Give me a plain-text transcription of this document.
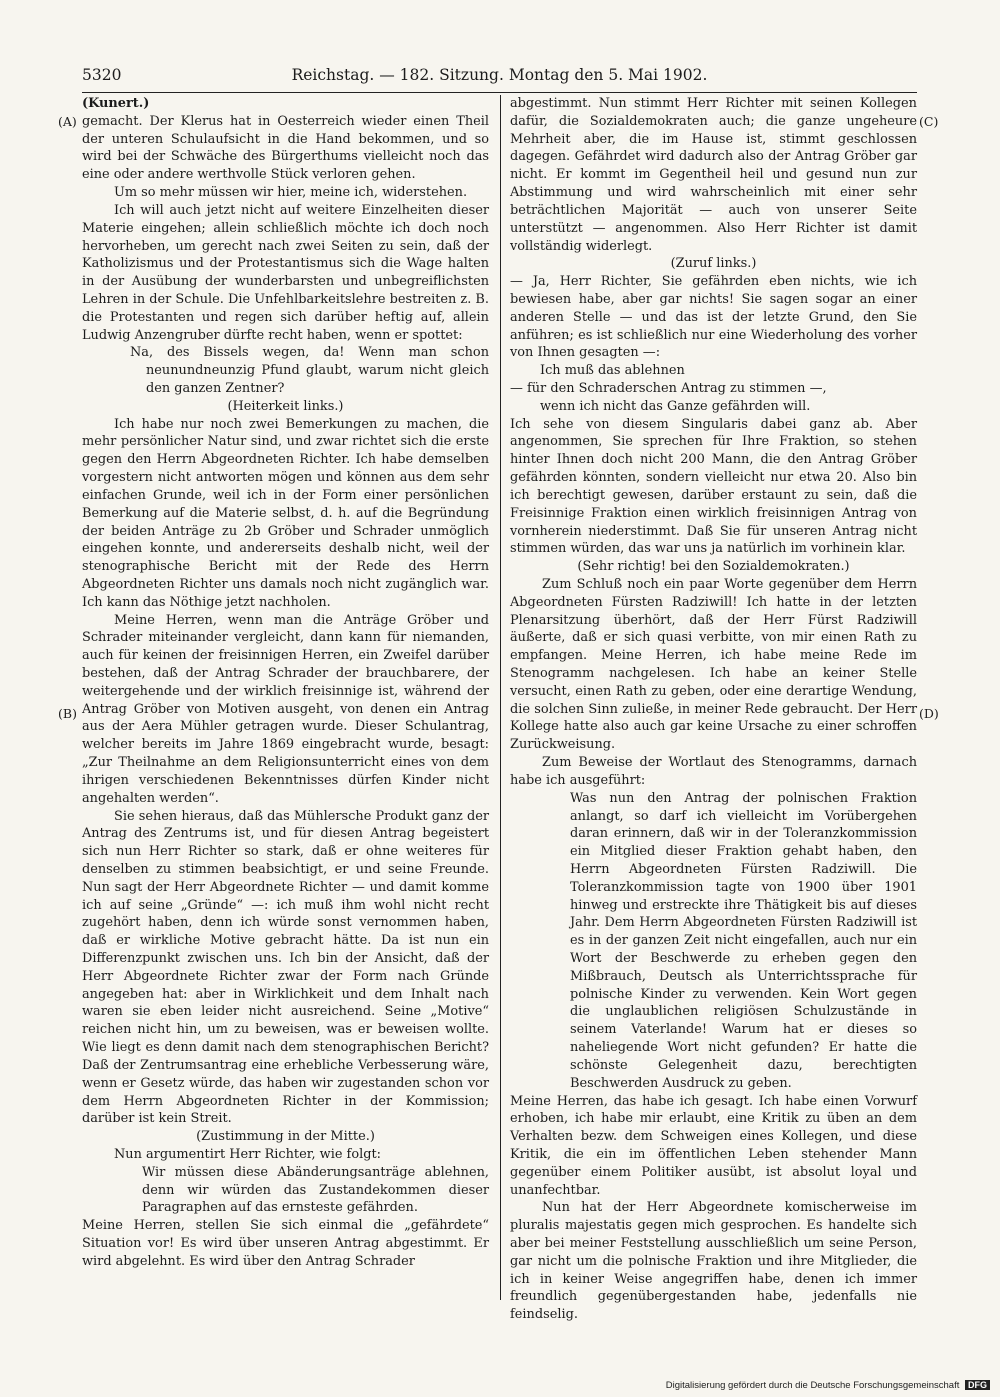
5320	Reichstag. — 182. Sitzung. Montag den 5. Mai 1902.
(A)
(B)
(C)
(D)

(Kunert.)

gemacht. Der Klerus hat in Oesterreich wieder einen Theil der unteren Schulaufsicht in die Hand bekommen, und so wird bei der Schwäche des Bürgerthums vielleicht noch das eine oder andere werthvolle Stück verloren gehen.

Um so mehr müssen wir hier, meine ich, widerstehen.

Ich will auch jetzt nicht auf weitere Einzelheiten dieser Materie eingehen; allein schließlich möchte ich doch noch hervorheben, um gerecht nach zwei Seiten zu sein, daß der Katholizismus und der Protestantismus sich die Wage halten in der Ausübung der wunderbarsten und unbegreiflichsten Lehren in der Schule. Die Unfehlbarkeitslehre bestreiten z. B. die Protestanten und regen sich darüber heftig auf, allein Ludwig Anzengruber dürfte recht haben, wenn er spottet:

Na, des Bissels wegen, da! Wenn man schon neunundneunzig Pfund glaubt, warum nicht gleich den ganzen Zentner?

(Heiterkeit links.)

Ich habe nur noch zwei Bemerkungen zu machen, die mehr persönlicher Natur sind, und zwar richtet sich die erste gegen den Herrn Abgeordneten Richter. Ich habe demselben vorgestern nicht antworten mögen und können aus dem sehr einfachen Grunde, weil ich in der Form einer persönlichen Bemerkung auf die Materie selbst, d. h. auf die Begründung der beiden Anträge zu 2b Gröber und Schrader unmöglich eingehen konnte, und andererseits deshalb nicht, weil der stenographische Bericht mit der Rede des Herrn Abgeordneten Richter uns damals noch nicht zugänglich war. Ich kann das Nöthige jetzt nachholen.

Meine Herren, wenn man die Anträge Gröber und Schrader miteinander vergleicht, dann kann für niemanden, auch für keinen der freisinnigen Herren, ein Zweifel darüber bestehen, daß der Antrag Schrader der brauchbarere, der weitergehende und der wirklich freisinnige ist, während der Antrag Gröber von Motiven ausgeht, von denen ein Antrag aus der Aera Mühler getragen wurde. Dieser Schulantrag, welcher bereits im Jahre 1869 eingebracht wurde, besagt: „Zur Theilnahme an dem Religionsunterricht eines von dem ihrigen verschiedenen Bekenntnisses dürfen Kinder nicht angehalten werden“.

Sie sehen hieraus, daß das Mühlersche Produkt ganz der Antrag des Zentrums ist, und für diesen Antrag begeistert sich nun Herr Richter so stark, daß er ohne weiteres für denselben zu stimmen beabsichtigt, er und seine Freunde. Nun sagt der Herr Abgeordnete Richter — und damit komme ich auf seine „Gründe“ —: ich muß ihm wohl nicht recht zugehört haben, denn ich würde sonst vernommen haben, daß er wirkliche Motive gebracht hätte. Da ist nun ein Differenzpunkt zwischen uns. Ich bin der Ansicht, daß der Herr Abgeordnete Richter zwar der Form nach Gründe angegeben hat: aber in Wirklichkeit und dem Inhalt nach waren sie eben leider nicht ausreichend. Seine „Motive“ reichen nicht hin, um zu beweisen, was er beweisen wollte. Wie liegt es denn damit nach dem stenographischen Bericht? Daß der Zentrumsantrag eine erhebliche Verbesserung wäre, wenn er Gesetz würde, das haben wir zugestanden schon vor dem Herrn Abgeordneten Richter in der Kommission; darüber ist kein Streit.

(Zustimmung in der Mitte.)

Nun argumentirt Herr Richter, wie folgt:

Wir müssen diese Abänderungsanträge ablehnen, denn wir würden das Zustandekommen dieser Paragraphen auf das ernsteste gefährden.

Meine Herren, stellen Sie sich einmal die „gefährdete“ Situation vor! Es wird über unseren Antrag abgestimmt. Er wird abgelehnt. Es wird über den Antrag Schrader

abgestimmt. Nun stimmt Herr Richter mit seinen Kollegen dafür, die Sozialdemokraten auch; die ganze ungeheure Mehrheit aber, die im Hause ist, stimmt geschlossen dagegen. Gefährdet wird dadurch also der Antrag Gröber gar nicht. Er kommt im Gegentheil heil und gesund nun zur Abstimmung und wird wahrscheinlich mit einer sehr beträchtlichen Majorität — auch von unserer Seite unterstützt — angenommen. Also Herr Richter ist damit vollständig widerlegt.

(Zuruf links.)

— Ja, Herr Richter, Sie gefährden eben nichts, wie ich bewiesen habe, aber gar nichts! Sie sagen sogar an einer anderen Stelle — und das ist der letzte Grund, den Sie anführen; es ist schließlich nur eine Wiederholung des vorher von Ihnen gesagten —:

Ich muß das ablehnen

— für den Schraderschen Antrag zu stimmen —,

wenn ich nicht das Ganze gefährden will.

Ich sehe von diesem Singularis dabei ganz ab. Aber angenommen, Sie sprechen für Ihre Fraktion, so stehen hinter Ihnen doch nicht 200 Mann, die den Antrag Gröber gefährden könnten, sondern vielleicht nur etwa 20. Also bin ich berechtigt gewesen, darüber erstaunt zu sein, daß die Freisinnige Fraktion einen wirklich freisinnigen Antrag von vornherein niederstimmt. Daß Sie für unseren Antrag nicht stimmen würden, das war uns ja natürlich im vorhinein klar.

(Sehr richtig! bei den Sozialdemokraten.)

Zum Schluß noch ein paar Worte gegenüber dem Herrn Abgeordneten Fürsten Radziwill! Ich hatte in der letzten Plenarsitzung überhört, daß der Herr Fürst Radziwill äußerte, daß er sich quasi verbitte, von mir einen Rath zu empfangen. Meine Herren, ich habe meine Rede im Stenogramm nachgelesen. Ich habe an keiner Stelle versucht, einen Rath zu geben, oder eine derartige Wendung, die solchen Sinn zuließe, in meiner Rede gebraucht. Der Herr Kollege hatte also auch gar keine Ursache zu einer schroffen Zurückweisung.

Zum Beweise der Wortlaut des Stenogramms, darnach habe ich ausgeführt:

Was nun den Antrag der polnischen Fraktion anlangt, so darf ich vielleicht im Vorübergehen daran erinnern, daß wir in der Toleranzkommission ein Mitglied dieser Fraktion gehabt haben, den Herrn Abgeordneten Fürsten Radziwill. Die Toleranzkommission tagte von 1900 über 1901 hinweg und erstreckte ihre Thätigkeit bis auf dieses Jahr. Dem Herrn Abgeordneten Fürsten Radziwill ist es in der ganzen Zeit nicht eingefallen, auch nur ein Wort der Beschwerde zu erheben gegen den Mißbrauch, Deutsch als Unterrichtssprache für polnische Kinder zu verwenden. Kein Wort gegen die unglaublichen religiösen Schulzustände in seinem Vaterlande! Warum hat er dieses so naheliegende Wort nicht gefunden? Er hatte die schönste Gelegenheit dazu, berechtigten Beschwerden Ausdruck zu geben.

Meine Herren, das habe ich gesagt. Ich habe einen Vorwurf erhoben, ich habe mir erlaubt, eine Kritik zu üben an dem Verhalten bezw. dem Schweigen eines Kollegen, und diese Kritik, die ein im öffentlichen Leben stehender Mann gegenüber einem Politiker ausübt, ist absolut loyal und unanfechtbar.

Nun hat der Herr Abgeordnete komischerweise im pluralis majestatis gegen mich gesprochen. Es handelte sich aber bei meiner Feststellung ausschließlich um seine Person, gar nicht um die polnische Fraktion und ihre Mitglieder, die ich in keiner Weise angegriffen habe, denen ich immer freundlich gegenübergestanden habe, jedenfalls nie feindselig.

Digitalisierung gefördert durch die Deutsche Forschungsgemeinschaft DFG
